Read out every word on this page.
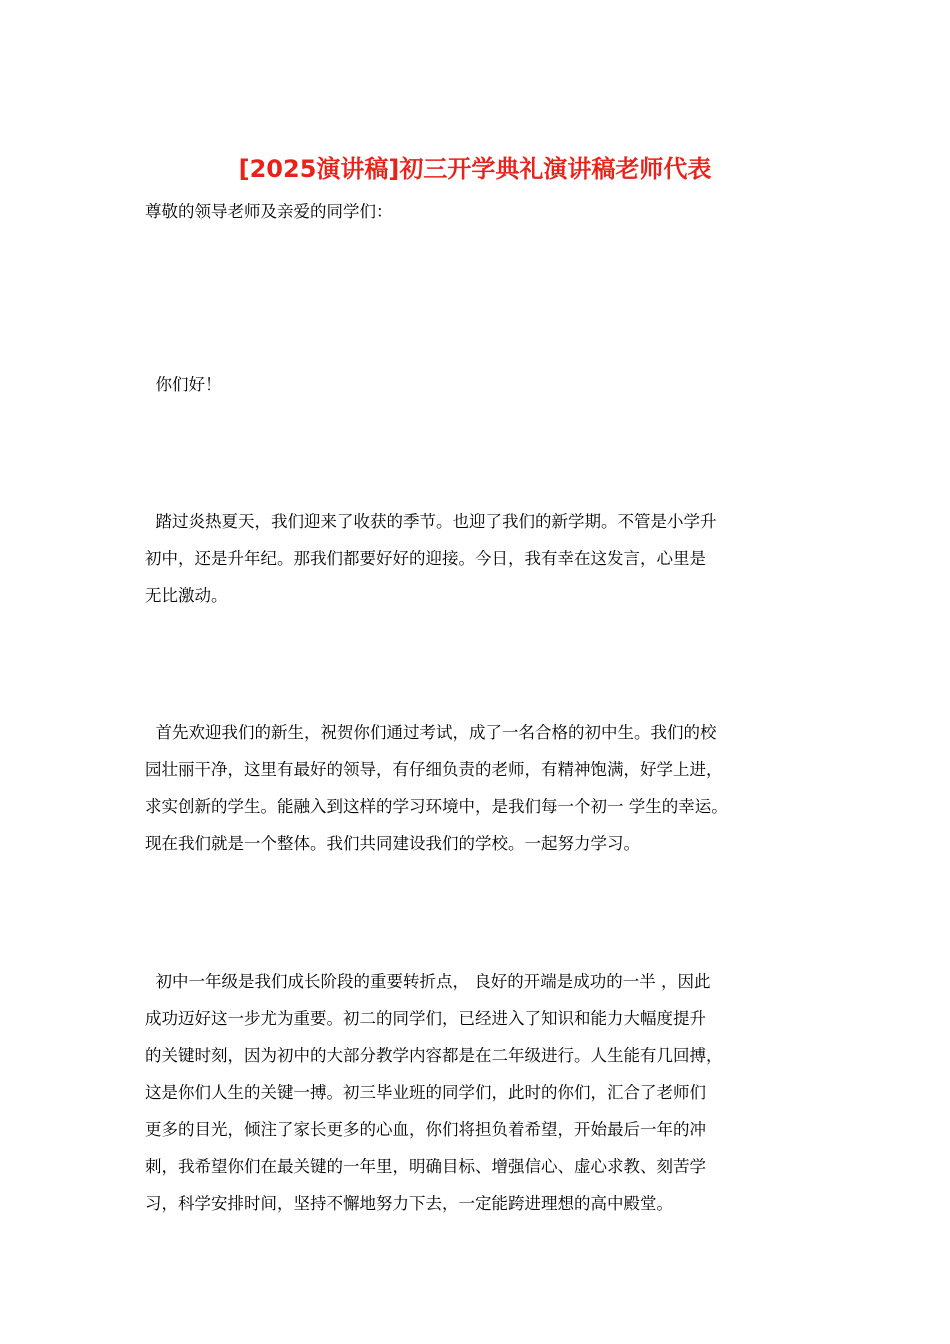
[2025演讲稿]初三开学典礼演讲稿老师代表
尊敬的领导老师及亲爱的同学们：
你们好！
踏过炎热夏天，我们迎来了收获的季节。也迎了我们的新学期。不管是小学升
初中，还是升年纪。那我们都要好好的迎接。今日，我有幸在这发言，心里是
无比激动。
首先欢迎我们的新生，祝贺你们通过考试，成了一名合格的初中生。我们的校
园壮丽干净，这里有最好的领导，有仔细负责的老师，有精神饱满，好学上进，
求实创新的学生。能融入到这样的学习环境中，是我们每一个初一 学生的幸运。
现在我们就是一个整体。我们共同建设我们的学校。一起努力学习。
初中一年级是我们成长阶段的重要转折点， 良好的开端是成功的一半 ，因此
成功迈好这一步尤为重要。初二的同学们，已经进入了知识和能力大幅度提升
的关键时刻，因为初中的大部分教学内容都是在二年级进行。人生能有几回搏，
这是你们人生的关键一搏。初三毕业班的同学们，此时的你们，汇合了老师们
更多的目光，倾注了家长更多的心血，你们将担负着希望，开始最后一年的冲
刺，我希望你们在最关键的一年里，明确目标、增强信心、虚心求教、刻苦学
习，科学安排时间，坚持不懈地努力下去，一定能跨进理想的高中殿堂。
